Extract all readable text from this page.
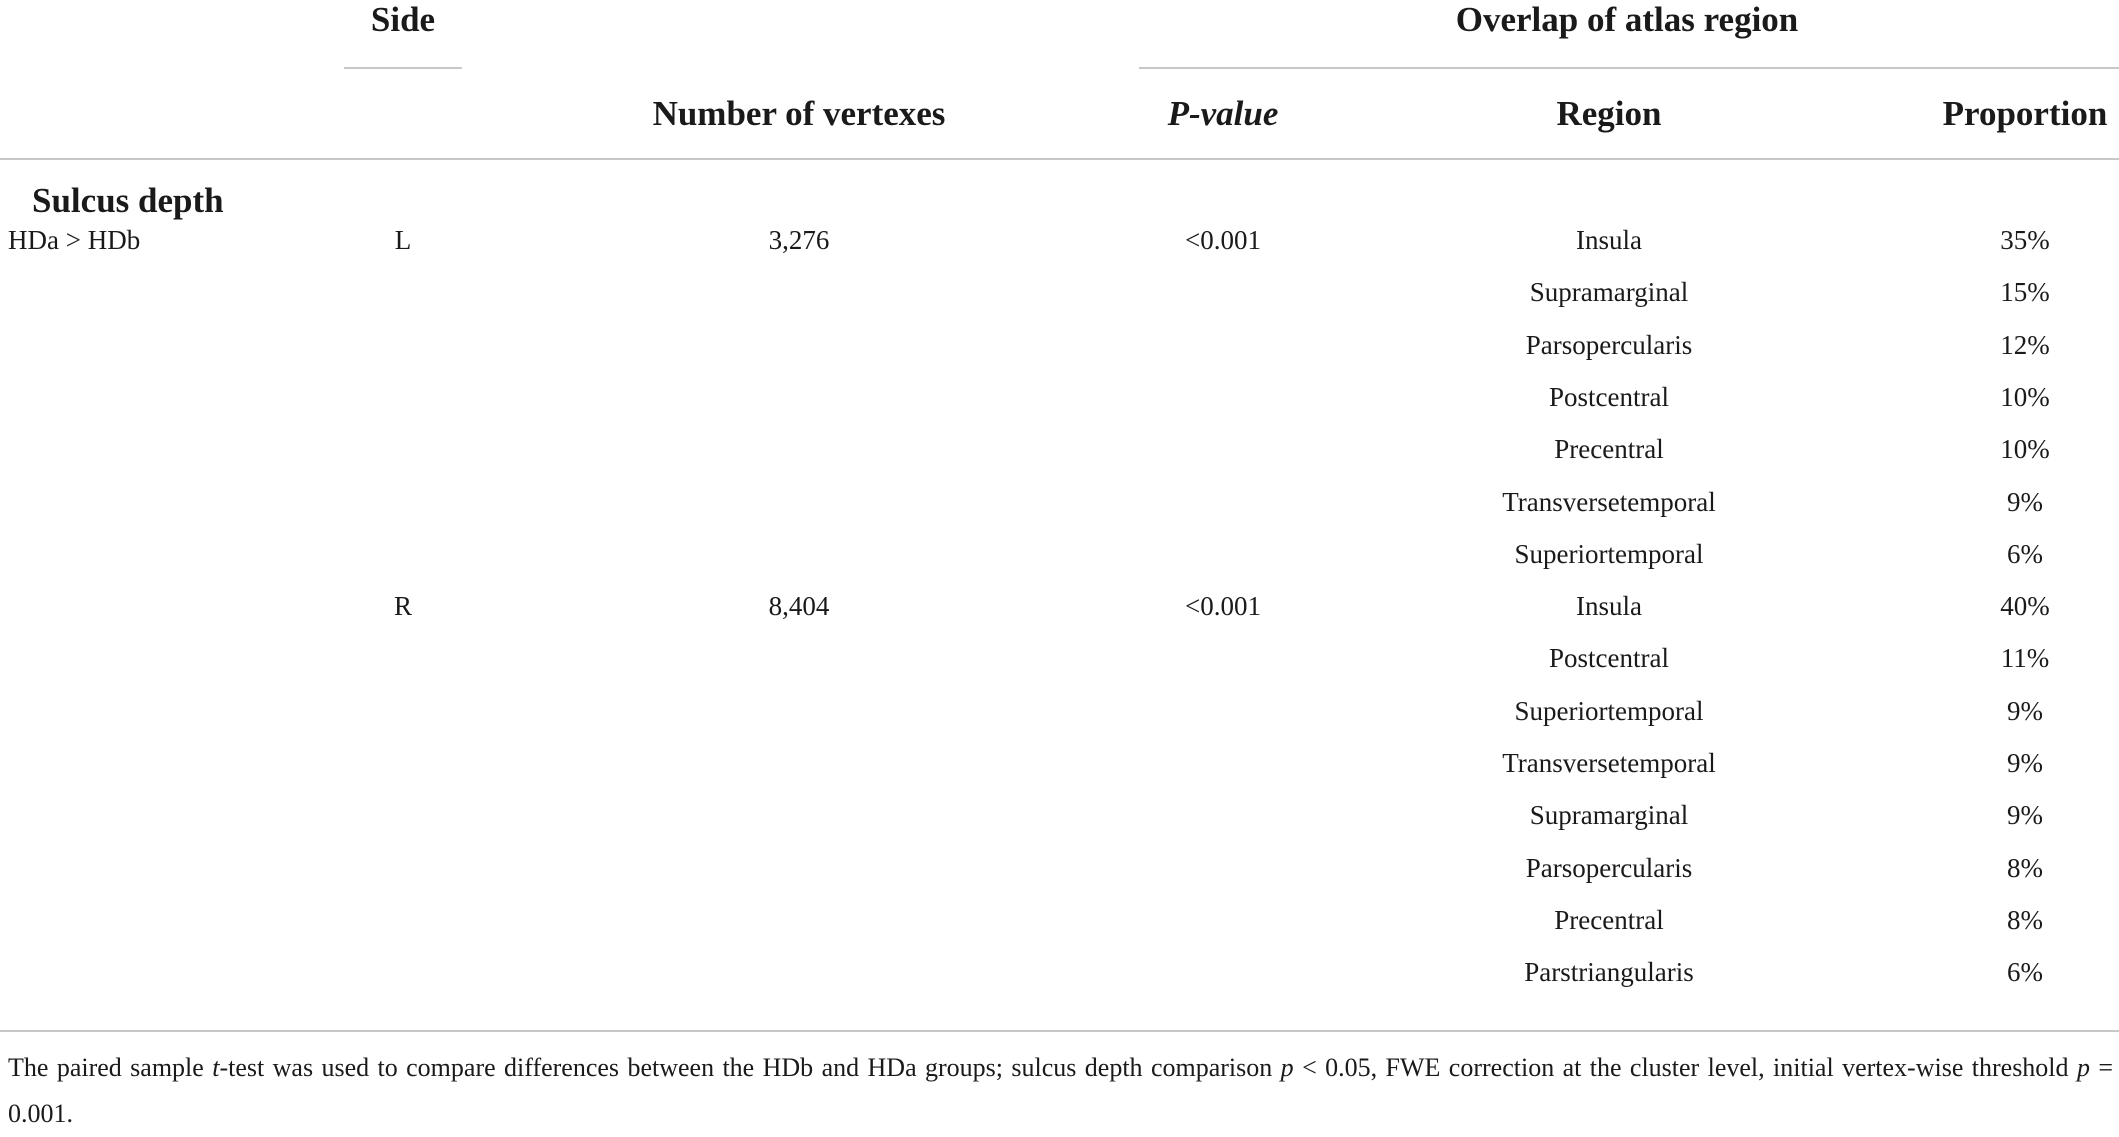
Side	Overlap of atlas region
Number of vertexes	P-value	Region	Proportion
Sulcus depth
HDa > HDb	L	3,276	<0.001	Insula	35%
Supramarginal	15%
Parsopercularis	12%
Postcentral	10%
Precentral	10%
Transversetemporal	9%
Superiortemporal	6%
R	8,404	<0.001	Insula	40%
Postcentral	11%
Superiortemporal	9%
Transversetemporal	9%
Supramarginal	9%
Parsopercularis	8%
Precentral	8%
Parstriangularis	6%
The paired sample t-test was used to compare differences between the HDb and HDa groups; sulcus depth comparison p < 0.05, FWE correction at the cluster level, initial vertex-wise threshold p = 0.001.
